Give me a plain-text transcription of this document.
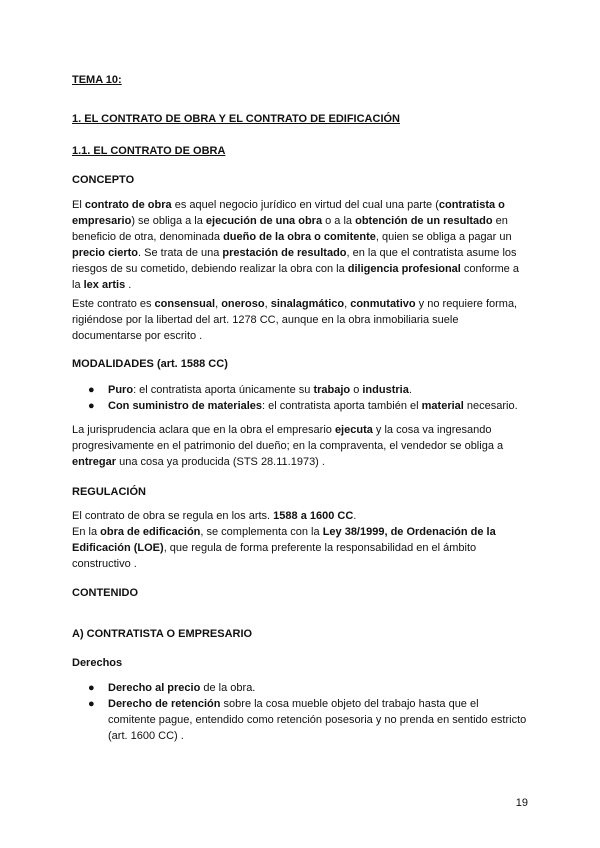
TEMA 10:

1. EL CONTRATO DE OBRA Y EL CONTRATO DE EDIFICACIÓN

1.1. EL CONTRATO DE OBRA

CONCEPTO

El contrato de obra es aquel negocio jurídico en virtud del cual una parte (contratista o empresario) se obliga a la ejecución de una obra o a la obtención de un resultado en beneficio de otra, denominada dueño de la obra o comitente, quien se obliga a pagar un precio cierto. Se trata de una prestación de resultado, en la que el contratista asume los riesgos de su cometido, debiendo realizar la obra con la diligencia profesional conforme a la lex artis .

Este contrato es consensual, oneroso, sinalagmático, conmutativo y no requiere forma, rigiéndose por la libertad del art. 1278 CC, aunque en la obra inmobiliaria suele documentarse por escrito .

MODALIDADES (art. 1588 CC)

● Puro: el contratista aporta únicamente su trabajo o industria.
● Con suministro de materiales: el contratista aporta también el material necesario.

La jurisprudencia aclara que en la obra el empresario ejecuta y la cosa va ingresando progresivamente en el patrimonio del dueño; en la compraventa, el vendedor se obliga a entregar una cosa ya producida (STS 28.11.1973) .

REGULACIÓN

El contrato de obra se regula en los arts. 1588 a 1600 CC.
En la obra de edificación, se complementa con la Ley 38/1999, de Ordenación de la Edificación (LOE), que regula de forma preferente la responsabilidad en el ámbito constructivo .

CONTENIDO

A) CONTRATISTA O EMPRESARIO

Derechos

● Derecho al precio de la obra.
● Derecho de retención sobre la cosa mueble objeto del trabajo hasta que el comitente pague, entendido como retención posesoria y no prenda en sentido estricto (art. 1600 CC) .
19
